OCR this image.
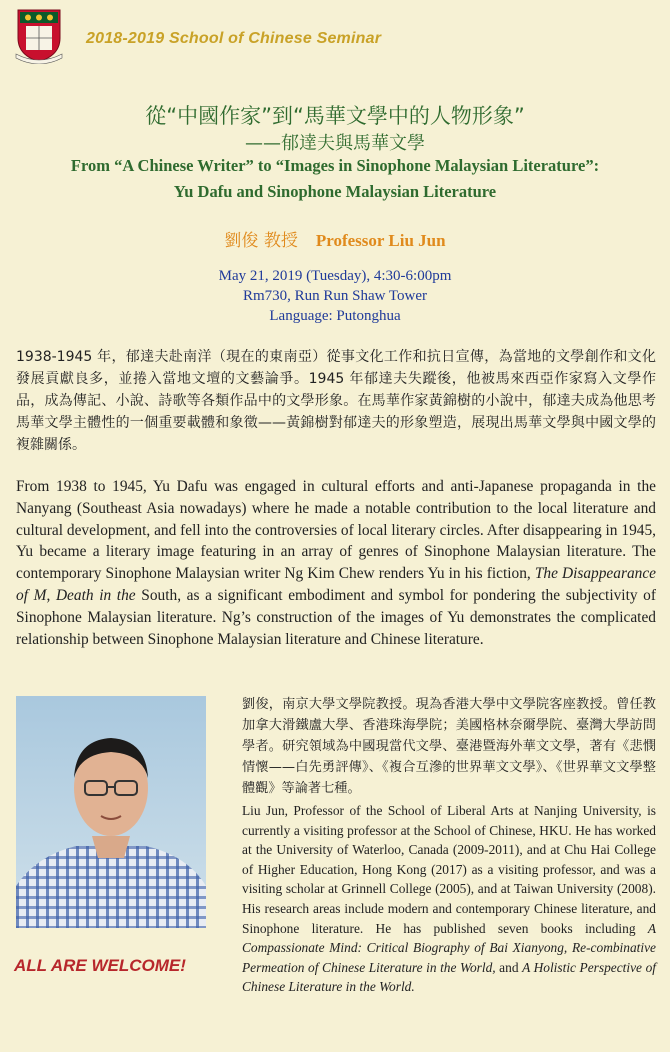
2018-2019 School of Chinese Seminar
從“中國作家”到“馬華文學中的人物形象”
——郁達夫與馬華文學
From “A Chinese Writer” to “Images in Sinophone Malaysian Literature”:
Yu Dafu and Sinophone Malaysian Literature
劉俊 教授 Professor Liu Jun
May 21, 2019 (Tuesday), 4:30-6:00pm
Rm730, Run Run Shaw Tower
Language: Putonghua
1938-1945 年，郁達夫赴南洋（現在的東南亞）從事文化工作和抗日宣傳，為當地的文學創作和文化發展貢獻良多，並捲入當地文壇的文藝論爭。1945 年郁達夫失蹤後，他被馬來西亞作家寫入文學作品，成為傳記、小說、詩歌等各類作品中的文學形象。在馬華作家黃錦樹的小說中，郁達夫成為他思考馬華文學主體性的一個重要載體和象徵——黃錦樹對郁達夫的形象塑造，展現出馬華文學與中國文學的複雜關係。
From 1938 to 1945, Yu Dafu was engaged in cultural efforts and anti-Japanese propaganda in the Nanyang (Southeast Asia nowadays) where he made a notable contribution to the local literature and cultural development, and fell into the controversies of local literary circles. After disappearing in 1945, Yu became a literary image featuring in an array of genres of Sinophone Malaysian literature. The contemporary Sinophone Malaysian writer Ng Kim Chew renders Yu in his fiction, The Disappearance of M, Death in the South, as a significant embodiment and symbol for pondering the subjectivity of Sinophone Malaysian literature. Ng’s construction of the images of Yu demonstrates the complicated relationship between Sinophone Malaysian literature and Chinese literature.
ALL ARE WELCOME!
劉俊，南京大學文學院教授。現為香港大學中文學院客座教授。曾任教加拿大滑鐵盧大學、香港珠海學院；美國格林奈爾學院、臺灣大學訪問學者。研究領域為中國現當代文學、臺港暨海外華文文學，著有《悲憫情懷——白先勇評傳》、《複合互滲的世界華文文學》、《世界華文文學整體觀》等論著七種。
Liu Jun, Professor of the School of Liberal Arts at Nanjing University, is currently a visiting professor at the School of Chinese, HKU. He has worked at the University of Waterloo, Canada (2009-2011), and at Chu Hai College of Higher Education, Hong Kong (2017) as a visiting professor, and was a visiting scholar at Grinnell College (2005), and at Taiwan University (2008). His research areas include modern and contemporary Chinese literature, and Sinophone literature. He has published seven books including A Compassionate Mind: Critical Biography of Bai Xianyong, Re-combinative Permeation of Chinese Literature in the World, and A Holistic Perspective of Chinese Literature in the World.
